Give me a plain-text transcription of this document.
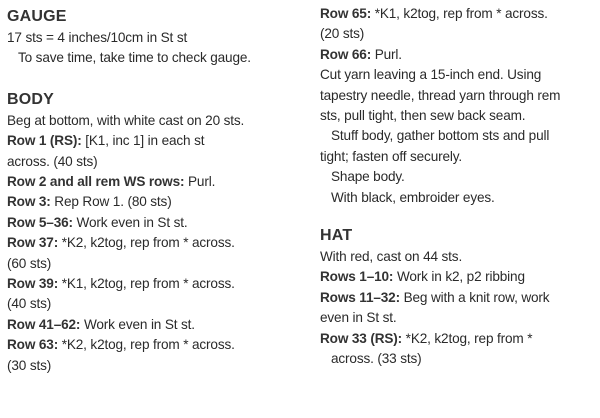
GAUGE
17 sts = 4 inches/10cm in St st
To save time, take time to check gauge.
BODY
Beg at bottom, with white cast on 20 sts.
Row 1 (RS): [K1, inc 1] in each st
across. (40 sts)
Row 2 and all rem WS rows: Purl.
Row 3: Rep Row 1. (80 sts)
Row 5–36: Work even in St st.
Row 37: *K2, k2tog, rep from * across.
(60 sts)
Row 39: *K1, k2tog, rep from * across.
(40 sts)
Row 41–62: Work even in St st.
Row 63: *K2, k2tog, rep from * across.
(30 sts)
Row 65: *K1, k2tog, rep from * across.
(20 sts)
Row 66: Purl.
Cut yarn leaving a 15-inch end. Using
tapestry needle, thread yarn through rem
sts, pull tight, then sew back seam.
Stuff body, gather bottom sts and pull
tight; fasten off securely.
Shape body.
With black, embroider eyes.
HAT
With red, cast on 44 sts.
Rows 1–10: Work in k2, p2 ribbing
Rows 11–32: Beg with a knit row, work
even in St st.
Row 33 (RS): *K2, k2tog, rep from *
across. (33 sts)
